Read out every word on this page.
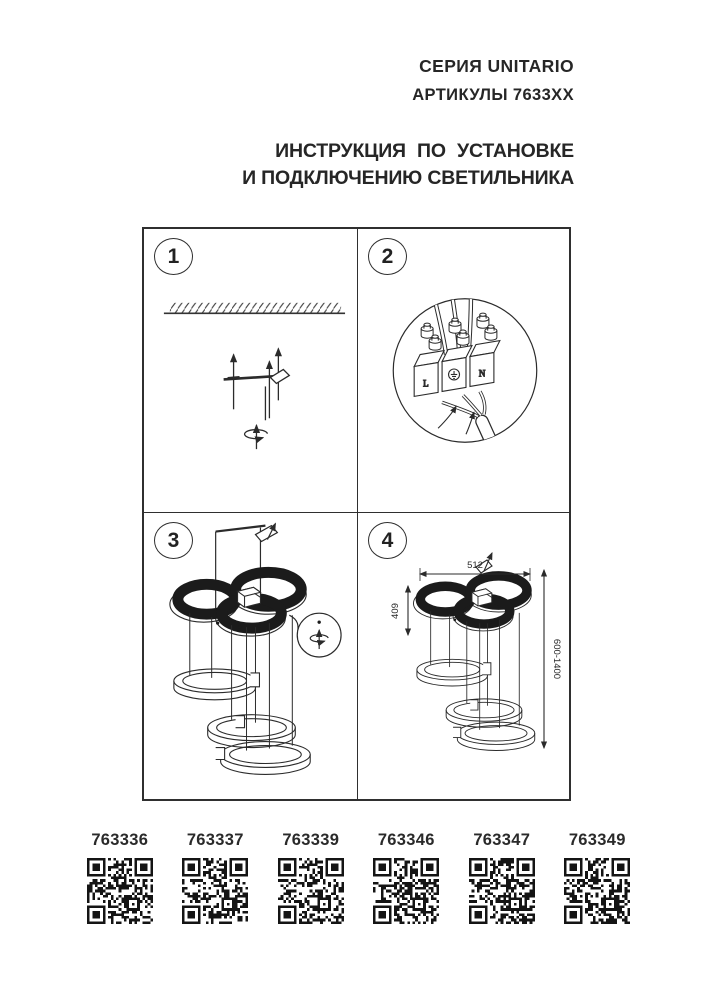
СЕРИЯ UNITARIO
АРТИКУЛЫ 7633ХХ
ИНСТРУКЦИЯ ПО УСТАНОВКЕ
И ПОДКЛЮЧЕНИЮ СВЕТИЛЬНИКА
1	2
L
N
3	4
512
409
600-1400
763336	763337	763339	763346	763347	763349
